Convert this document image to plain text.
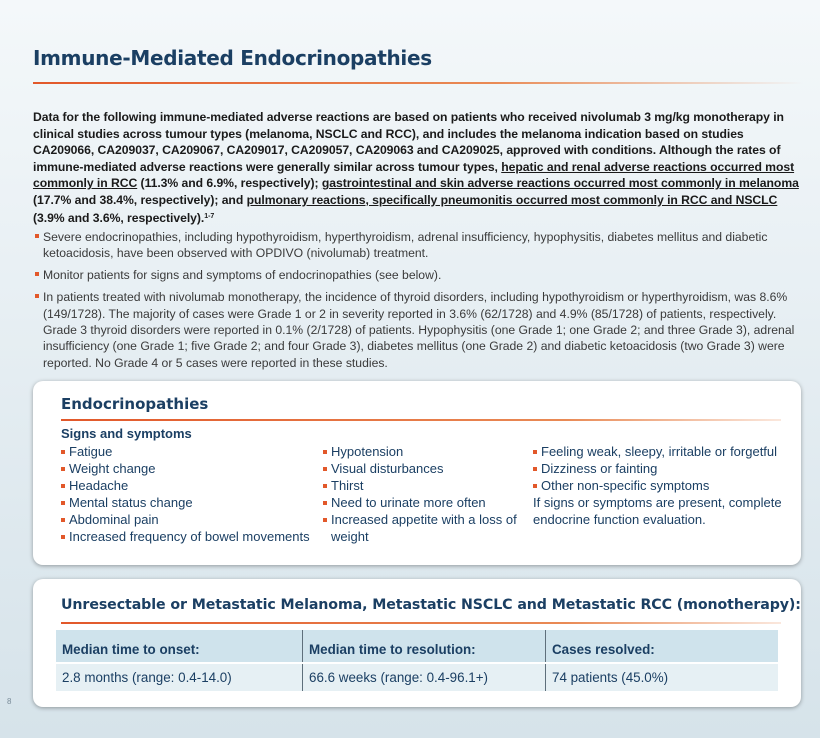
Immune-Mediated Endocrinopathies

Data for the following immune-mediated adverse reactions are based on patients who received nivolumab 3 mg/kg monotherapy in clinical studies across tumour types (melanoma, NSCLC and RCC), and includes the melanoma indication based on studies CA209066, CA209037, CA209067, CA209017, CA209057, CA209063 and CA209025, approved with conditions. Although the rates of immune-mediated adverse reactions were generally similar across tumour types, hepatic and renal adverse reactions occurred most commonly in RCC (11.3% and 6.9%, respectively); gastrointestinal and skin adverse reactions occurred most commonly in melanoma (17.7% and 38.4%, respectively); and pulmonary reactions, specifically pneumonitis occurred most commonly in RCC and NSCLC (3.9% and 3.6%, respectively).$^{1-7}$

Severe endocrinopathies, including hypothyroidism, hyperthyroidism, adrenal insufficiency, hypophysitis, diabetes mellitus and diabetic ketoacidosis, have been observed with OPDIVO (nivolumab) treatment.
Monitor patients for signs and symptoms of endocrinopathies (see below).
In patients treated with nivolumab monotherapy, the incidence of thyroid disorders, including hypothyroidism or hyperthyroidism, was 8.6% (149/1728). The majority of cases were Grade 1 or 2 in severity reported in 3.6% (62/1728) and 4.9% (85/1728) of patients, respectively. Grade 3 thyroid disorders were reported in 0.1% (2/1728) of patients. Hypophysitis (one Grade 1; one Grade 2; and three Grade 3), adrenal insufficiency (one Grade 1; five Grade 2; and four Grade 3), diabetes mellitus (one Grade 2) and diabetic ketoacidosis (two Grade 3) were reported. No Grade 4 or 5 cases were reported in these studies.
Endocrinopathies

Signs and symptoms

Fatigue
Weight change
Headache
Mental status change
Abdominal pain
Increased frequency of bowel movements
Hypotension
Visual disturbances
Thirst
Need to urinate more often
Increased appetite with a loss of weight
Feeling weak, sleepy, irritable or forgetful
Dizziness or fainting
Other non-specific symptoms

If signs or symptoms are present, complete endocrine function evaluation.

Unresectable or Metastatic Melanoma, Metastatic NSCLC and Metastatic RCC (monotherapy):
Median time to onset:	Median time to resolution:	Cases resolved:
2.8 months (range: 0.4-14.0)	66.6 weeks (range: 0.4-96.1+)	74 patients (45.0%)
8
